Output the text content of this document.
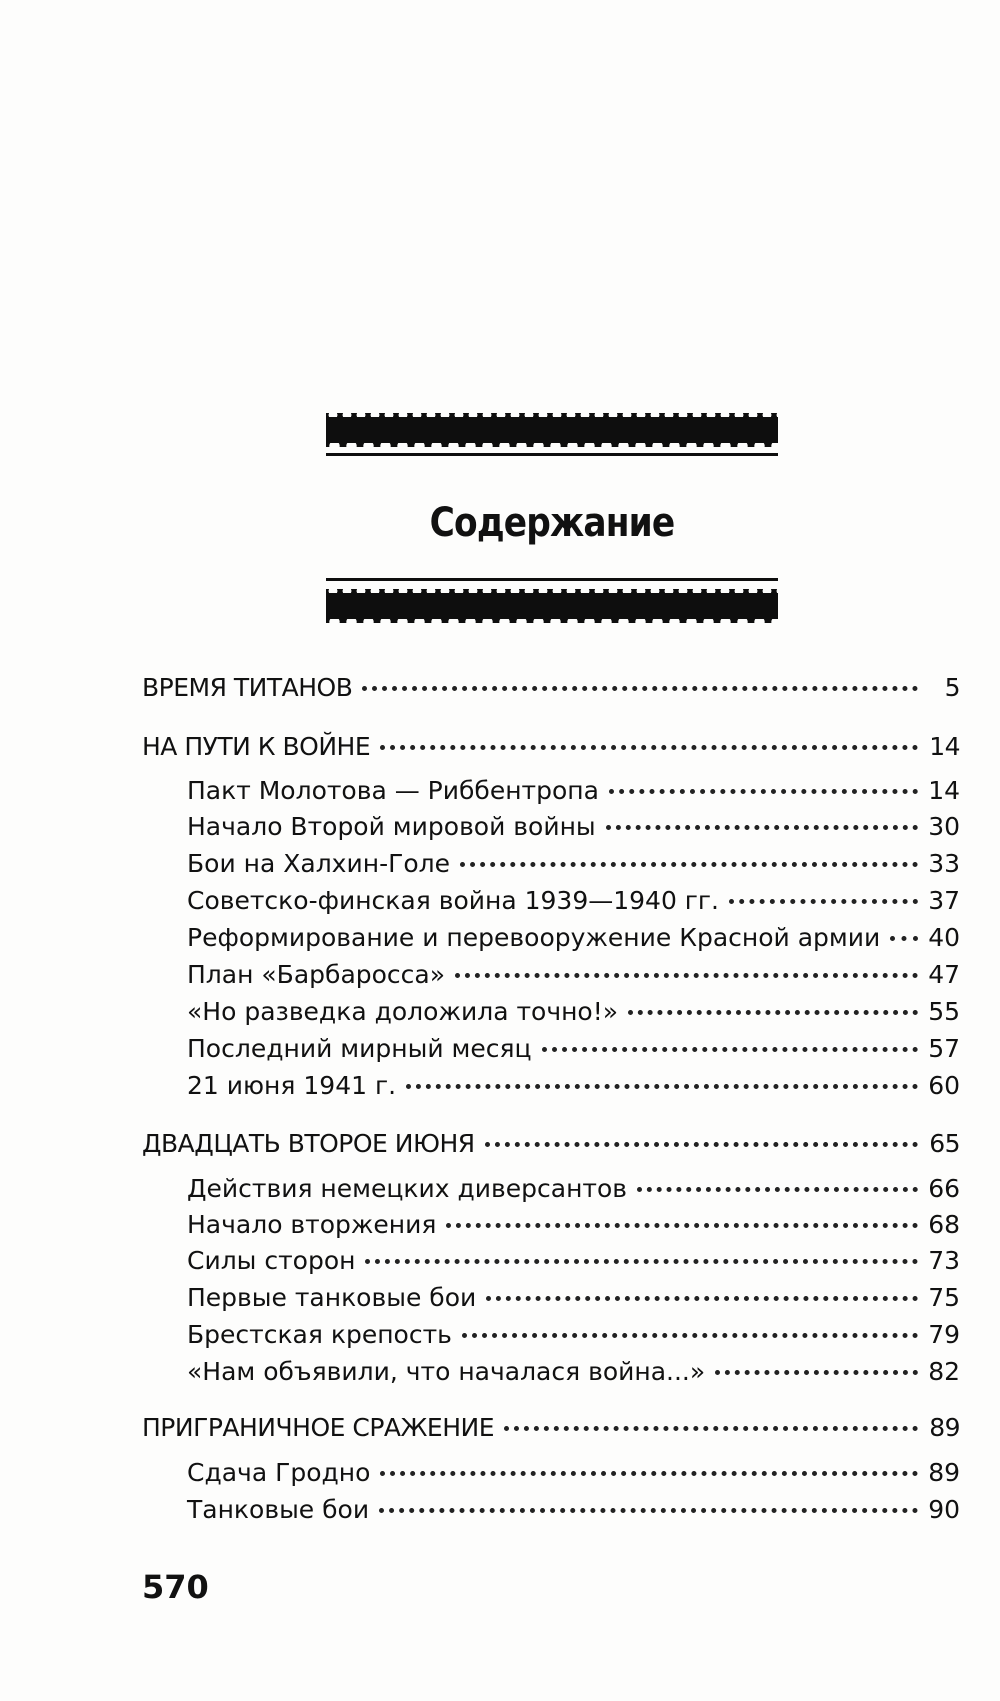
Содержание
ВРЕМЯ ТИТАНОВ	5
НА ПУТИ К ВОЙНЕ	14
Пакт Молотова — Риббентропа	14
Начало Второй мировой войны	30
Бои на Халхин-Голе	33
Советско-финская война 1939—1940 гг.	37
Реформирование и перевооружение Красной армии 40
План «Барбаросса»	47
«Но разведка доложила точно!»	55
Последний мирный месяц	57
21 июня 1941 г.	60
ДВАДЦАТЬ ВТОРОЕ ИЮНЯ	65
Действия немецких диверсантов	66
Начало вторжения	68
Силы сторон	73
Первые танковые бои	75
Брестская крепость	79
«Нам объявили, что началася война...»	82
ПРИГРАНИЧНОЕ СРАЖЕНИЕ	89
Сдача Гродно	89
Танковые бои	90
570
